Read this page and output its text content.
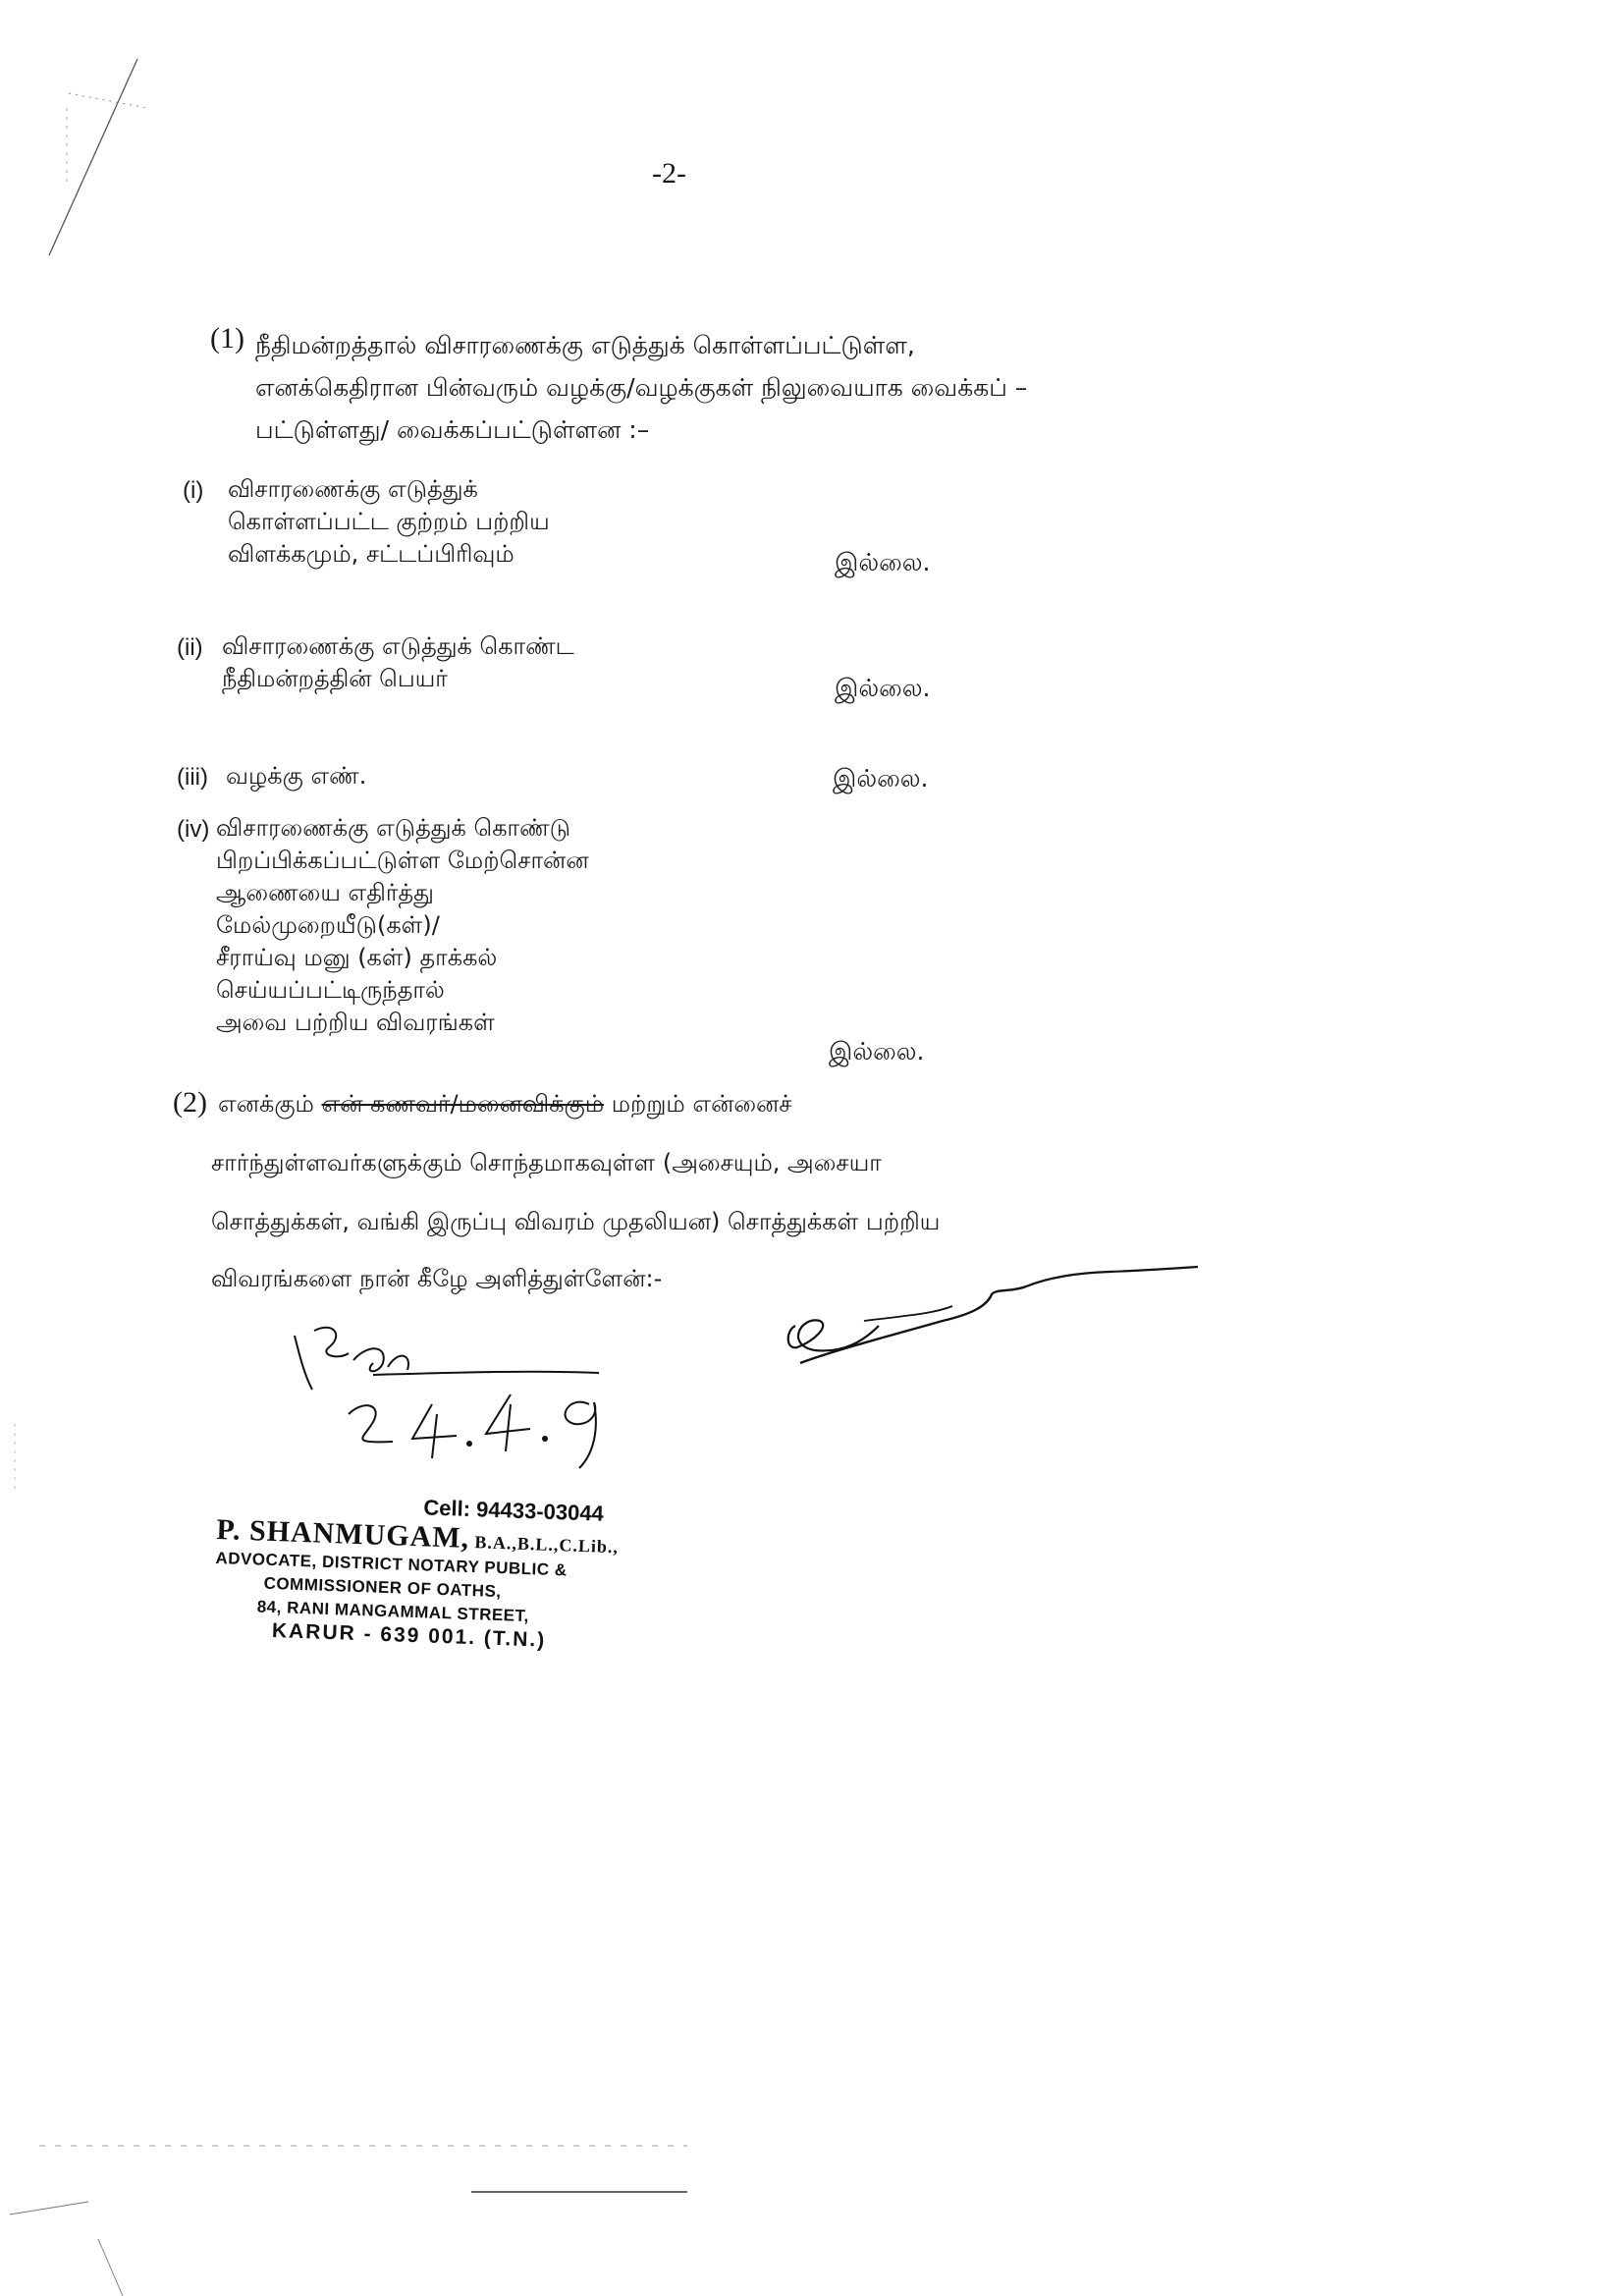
-2-
(1) நீதிமன்றத்தால் விசாரணைக்கு எடுத்துக் கொள்ளப்பட்டுள்ள,
எனக்கெதிரான பின்வரும் வழக்கு/வழக்குகள் நிலுவையாக வைக்கப் –
பட்டுள்ளது/ வைக்கப்பட்டுள்ளன :–
(i) விசாரணைக்கு எடுத்துக்
கொள்ளப்பட்ட குற்றம் பற்றிய
விளக்கமும், சட்டப்பிரிவும்	இல்லை.
(ii) விசாரணைக்கு எடுத்துக் கொண்ட
நீதிமன்றத்தின் பெயர்	இல்லை.
(iii) வழக்கு எண்.	இல்லை.
(iv) விசாரணைக்கு எடுத்துக் கொண்டு
பிறப்பிக்கப்பட்டுள்ள மேற்சொன்ன
ஆணையை எதிர்த்து
மேல்முறையீடு(கள்)/
சீராய்வு மனு (கள்) தாக்கல்
செய்யப்பட்டிருந்தால்
அவை பற்றிய விவரங்கள்
இல்லை.
(2) எனக்கும் என் கணவர்/மனைவிக்கும் மற்றும் என்னைச்
சார்ந்துள்ளவர்களுக்கும் சொந்தமாகவுள்ள (அசையும், அசையா
சொத்துக்கள், வங்கி இருப்பு விவரம் முதலியன) சொத்துக்கள் பற்றிய
விவரங்களை நான் கீழே அளித்துள்ளேன்:-
Cell: 94433-03044
P. SHANMUGAM, B.A.,B.L.,C.Lib.,
ADVOCATE, DISTRICT NOTARY PUBLIC &
COMMISSIONER OF OATHS,
84, RANI MANGAMMAL STREET,
KARUR - 639 001. (T.N.)
